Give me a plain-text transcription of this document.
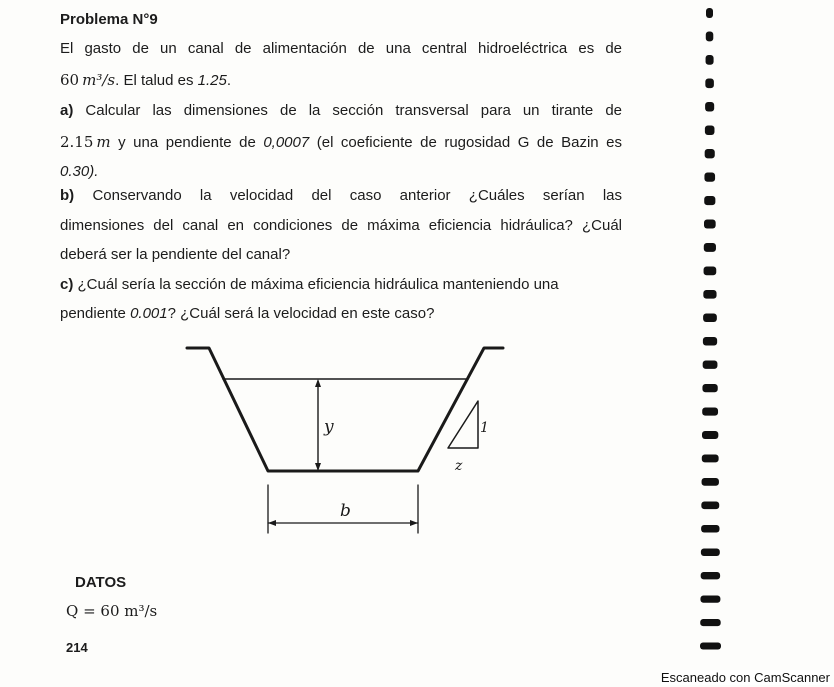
Problema N°9
El gasto de un canal de alimentación de una central hidroeléctrica es de
60  m³/s. El talud es 1.25.
a) Calcular las dimensiones de la sección transversal para un tirante de
2.15  m y una pendiente de 0,0007 (el coeficiente de rugosidad G de Bazin es
0.30).
b) Conservando la velocidad del caso anterior ¿Cuáles serían las
dimensiones del canal en condiciones de máxima eficiencia hidráulica? ¿Cuál
deberá ser la pendiente del canal?
c) ¿Cuál sería la sección de máxima eficiencia hidráulica manteniendo una
pendiente 0.001? ¿Cuál será la velocidad en este caso?
y
b
1
z
DATOS
Q = 60 m³/s
214
Escaneado con CamScanner
